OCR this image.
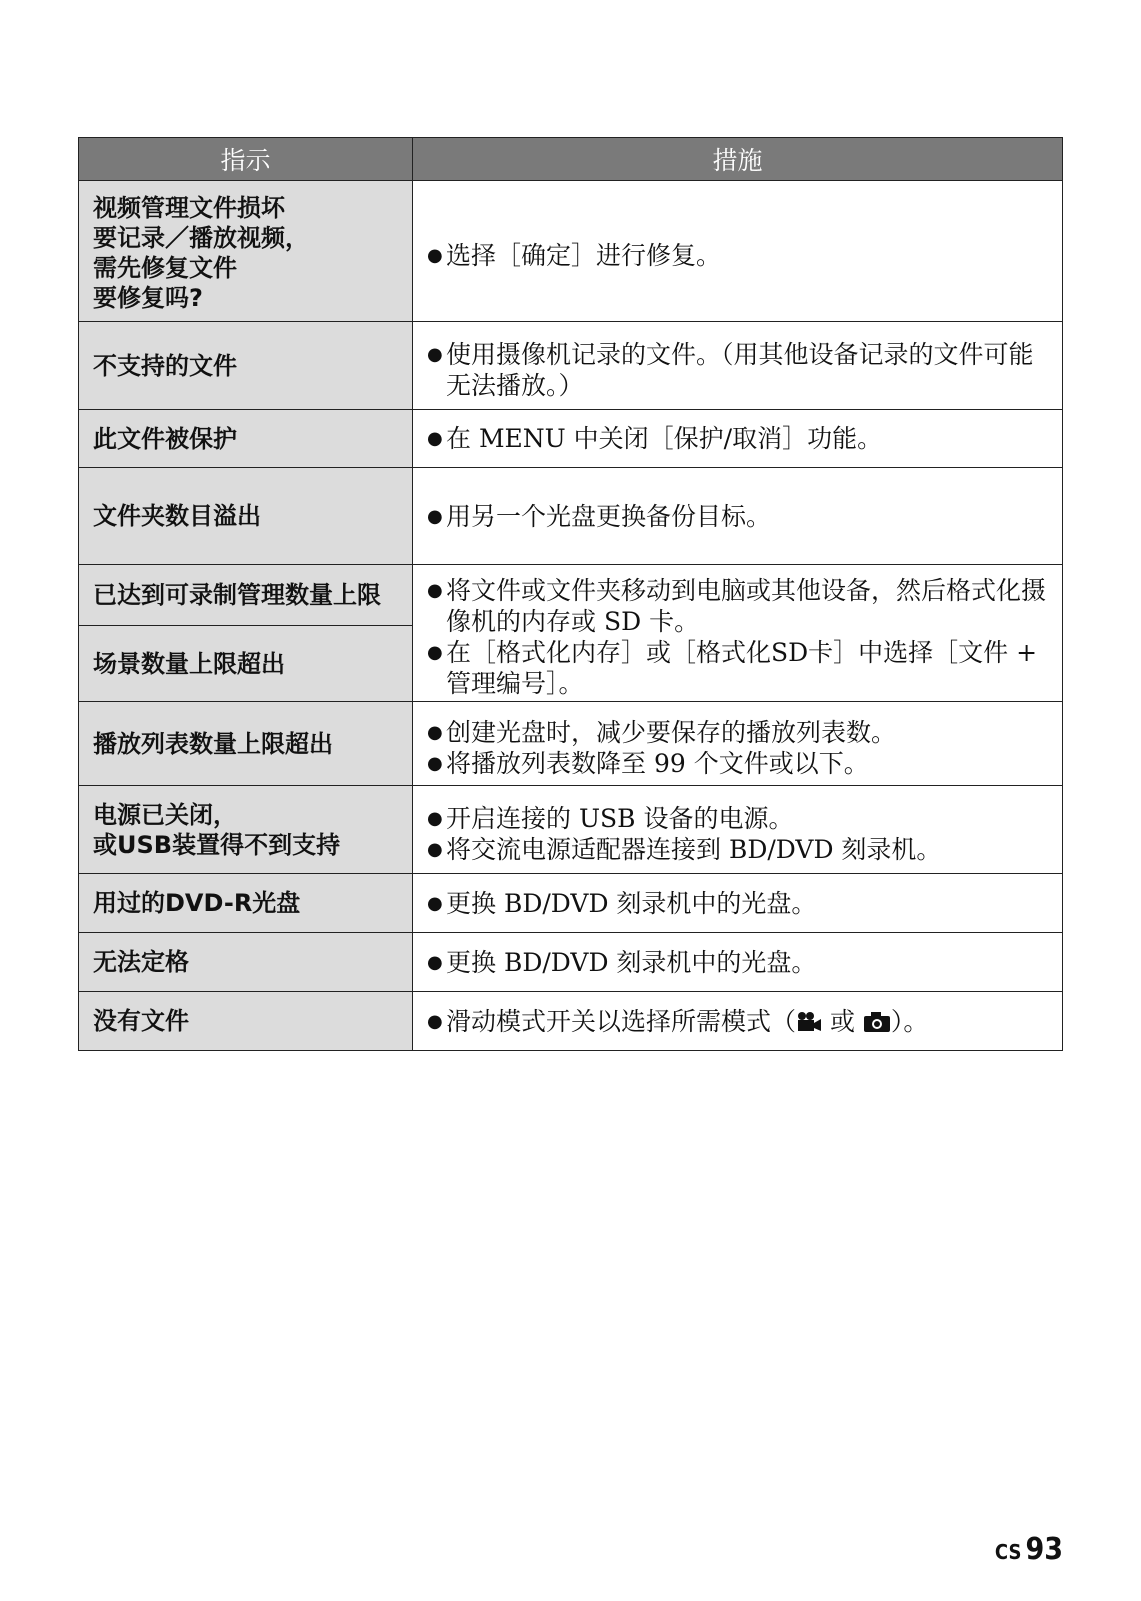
指示	措施

视频管理文件损坏
要记录／播放视频，
需先修复文件
要修复吗?	● 选择［确定］进行修复。

不支持的文件	● 使用摄像机记录的文件。（用其他设备记录的文件可能无法播放。）

此文件被保护	● 在 MENU 中关闭［保护/取消］功能。

文件夹数目溢出	● 用另一个光盘更换备份目标。

已达到可录制管理数量上限	● 将文件或文件夹移动到电脑或其他设备，然后格式化摄像机的内存或 SD 卡。
● 在［格式化内存］或［格式化SD卡］中选择［文件 + 管理编号］。

场景数量上限超出	

播放列表数量上限超出	● 创建光盘时，减少要保存的播放列表数。
● 将播放列表数降至 99 个文件或以下。

电源已关闭，
或USB装置得不到支持	● 开启连接的 USB 设备的电源。
● 将交流电源适配器连接到 BD/DVD 刻录机。

用过的DVD-R光盘	● 更换 BD/DVD 刻录机中的光盘。

无法定格	● 更换 BD/DVD 刻录机中的光盘。

没有文件	● 滑动模式开关以选择所需模式（ 或 ）。
CS 93
